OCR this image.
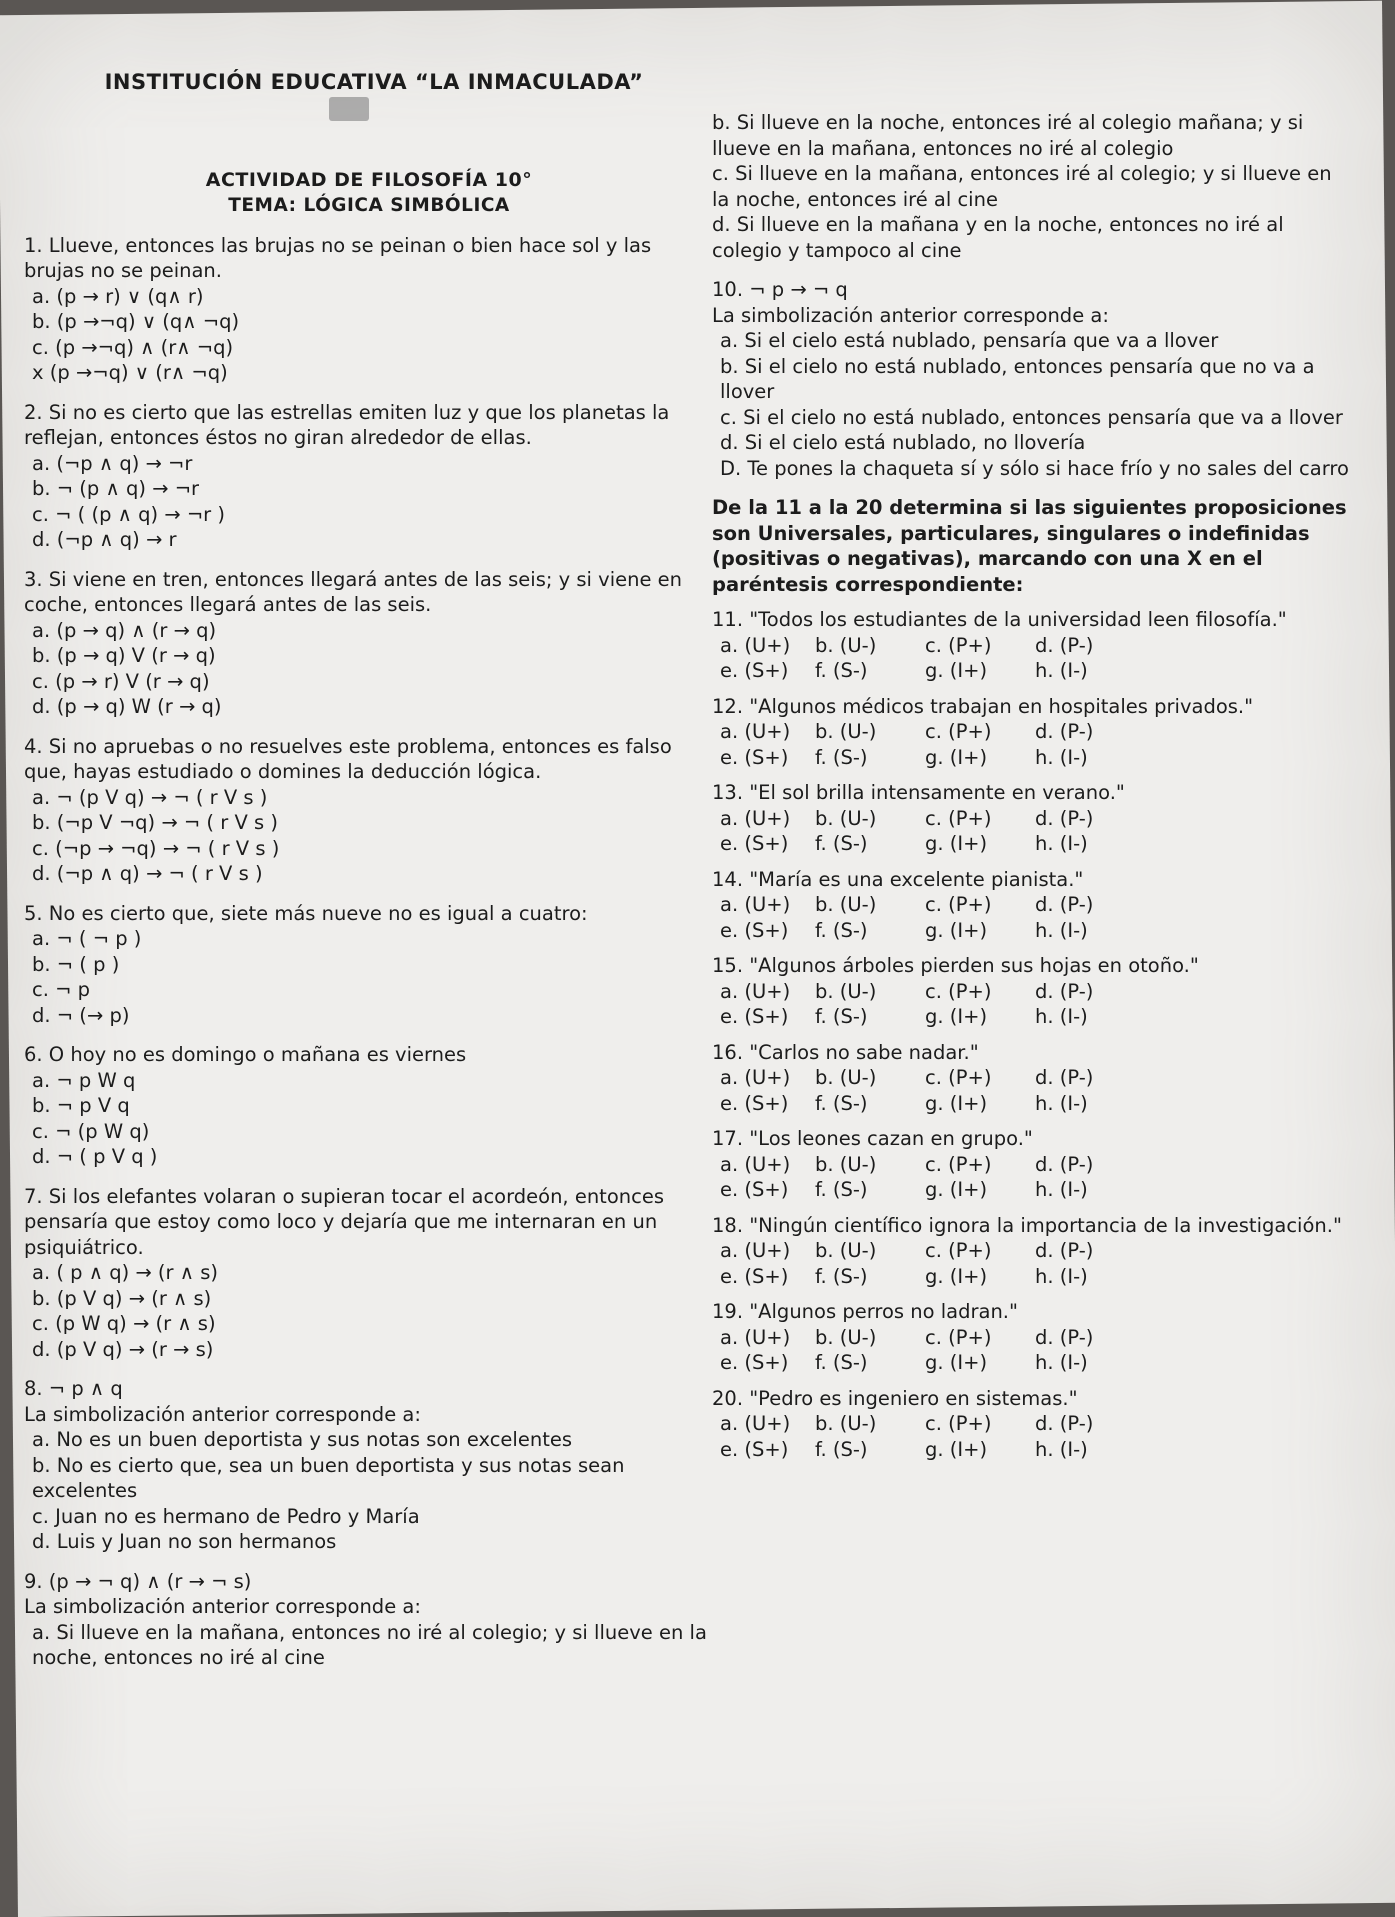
INSTITUCIÓN EDUCATIVA “LA INMACULADA”
ACTIVIDAD DE FILOSOFÍA 10°
TEMA: LÓGICA SIMBÓLICA
1. Llueve, entonces las brujas no se peinan o bien hace sol y las brujas no se peinan.
a. (p → r) ∨ (q∧ r)
b. (p →¬q) ∨ (q∧ ¬q)
c. (p →¬q) ∧ (r∧ ¬q)
x (p →¬q) ∨ (r∧ ¬q)
2. Si no es cierto que las estrellas emiten luz y que los planetas la reflejan, entonces éstos no giran alrededor de ellas.
a. (¬p ∧ q) → ¬r
b. ¬ (p ∧ q) → ¬r
c. ¬ ( (p ∧ q) → ¬r )
d. (¬p ∧ q) → r
3. Si viene en tren, entonces llegará antes de las seis; y si viene en coche, entonces llegará antes de las seis.
a. (p → q) ∧ (r → q)
b. (p → q) V (r → q)
c. (p → r) V (r → q)
d. (p → q) W (r → q)
4. Si no apruebas o no resuelves este problema, entonces es falso que, hayas estudiado o domines la deducción lógica.
a. ¬ (p V q) → ¬ ( r V s )
b. (¬p V ¬q) → ¬ ( r V s )
c. (¬p → ¬q) → ¬ ( r V s )
d. (¬p ∧ q) → ¬ ( r V s )
5. No es cierto que, siete más nueve no es igual a cuatro:
a. ¬ ( ¬ p )
b. ¬ ( p )
c. ¬ p
d. ¬ (→ p)
6. O hoy no es domingo o mañana es viernes
a. ¬ p W q
b. ¬ p V q
c. ¬ (p W q)
d. ¬ ( p V q )
7. Si los elefantes volaran o supieran tocar el acordeón, entonces pensaría que estoy como loco y dejaría que me internaran en un psiquiátrico.
a. ( p ∧ q) → (r ∧ s)
b. (p V q) → (r ∧ s)
c. (p W q) → (r ∧ s)
d. (p V q) → (r → s)
8. ¬ p ∧ q
La simbolización anterior corresponde a:
a. No es un buen deportista y sus notas son excelentes
b. No es cierto que, sea un buen deportista y sus notas sean excelentes
c. Juan no es hermano de Pedro y María
d. Luis y Juan no son hermanos
9. (p → ¬ q) ∧ (r → ¬ s)
La simbolización anterior corresponde a:
a. Si llueve en la mañana, entonces no iré al colegio; y si llueve en la noche, entonces no iré al cine
b. Si llueve en la noche, entonces iré al colegio mañana; y si llueve en la mañana, entonces no iré al colegio
c. Si llueve en la mañana, entonces iré al colegio; y si llueve en la noche, entonces iré al cine
d. Si llueve en la mañana y en la noche, entonces no iré al colegio y tampoco al cine
10. ¬ p → ¬ q
La simbolización anterior corresponde a:
a. Si el cielo está nublado, pensaría que va a llover
b. Si el cielo no está nublado, entonces pensaría que no va a llover
c. Si el cielo no está nublado, entonces pensaría que va a llover
d. Si el cielo está nublado, no llovería
D. Te pones la chaqueta sí y sólo si hace frío y no sales del carro
De la 11 a la 20 determina si las siguientes proposiciones son Universales, particulares, singulares o indefinidas (positivas o negativas), marcando con una X en el paréntesis correspondiente:
11. "Todos los estudiantes de la universidad leen filosofía."
a. (U+)	b. (U-)	c. (P+)	d. (P-)
e. (S+)	f. (S-)	g. (I+)	h. (I-)
12. "Algunos médicos trabajan en hospitales privados."
a. (U+)	b. (U-)	c. (P+)	d. (P-)
e. (S+)	f. (S-)	g. (I+)	h. (I-)
13. "El sol brilla intensamente en verano."
a. (U+)	b. (U-)	c. (P+)	d. (P-)
e. (S+)	f. (S-)	g. (I+)	h. (I-)
14. "María es una excelente pianista."
a. (U+)	b. (U-)	c. (P+)	d. (P-)
e. (S+)	f. (S-)	g. (I+)	h. (I-)
15. "Algunos árboles pierden sus hojas en otoño."
a. (U+)	b. (U-)	c. (P+)	d. (P-)
e. (S+)	f. (S-)	g. (I+)	h. (I-)
16. "Carlos no sabe nadar."
a. (U+)	b. (U-)	c. (P+)	d. (P-)
e. (S+)	f. (S-)	g. (I+)	h. (I-)
17. "Los leones cazan en grupo."
a. (U+)	b. (U-)	c. (P+)	d. (P-)
e. (S+)	f. (S-)	g. (I+)	h. (I-)
18. "Ningún científico ignora la importancia de la investigación."
a. (U+)	b. (U-)	c. (P+)	d. (P-)
e. (S+)	f. (S-)	g. (I+)	h. (I-)
19. "Algunos perros no ladran."
a. (U+)	b. (U-)	c. (P+)	d. (P-)
e. (S+)	f. (S-)	g. (I+)	h. (I-)
20. "Pedro es ingeniero en sistemas."
a. (U+)	b. (U-)	c. (P+)	d. (P-)
e. (S+)	f. (S-)	g. (I+)	h. (I-)
